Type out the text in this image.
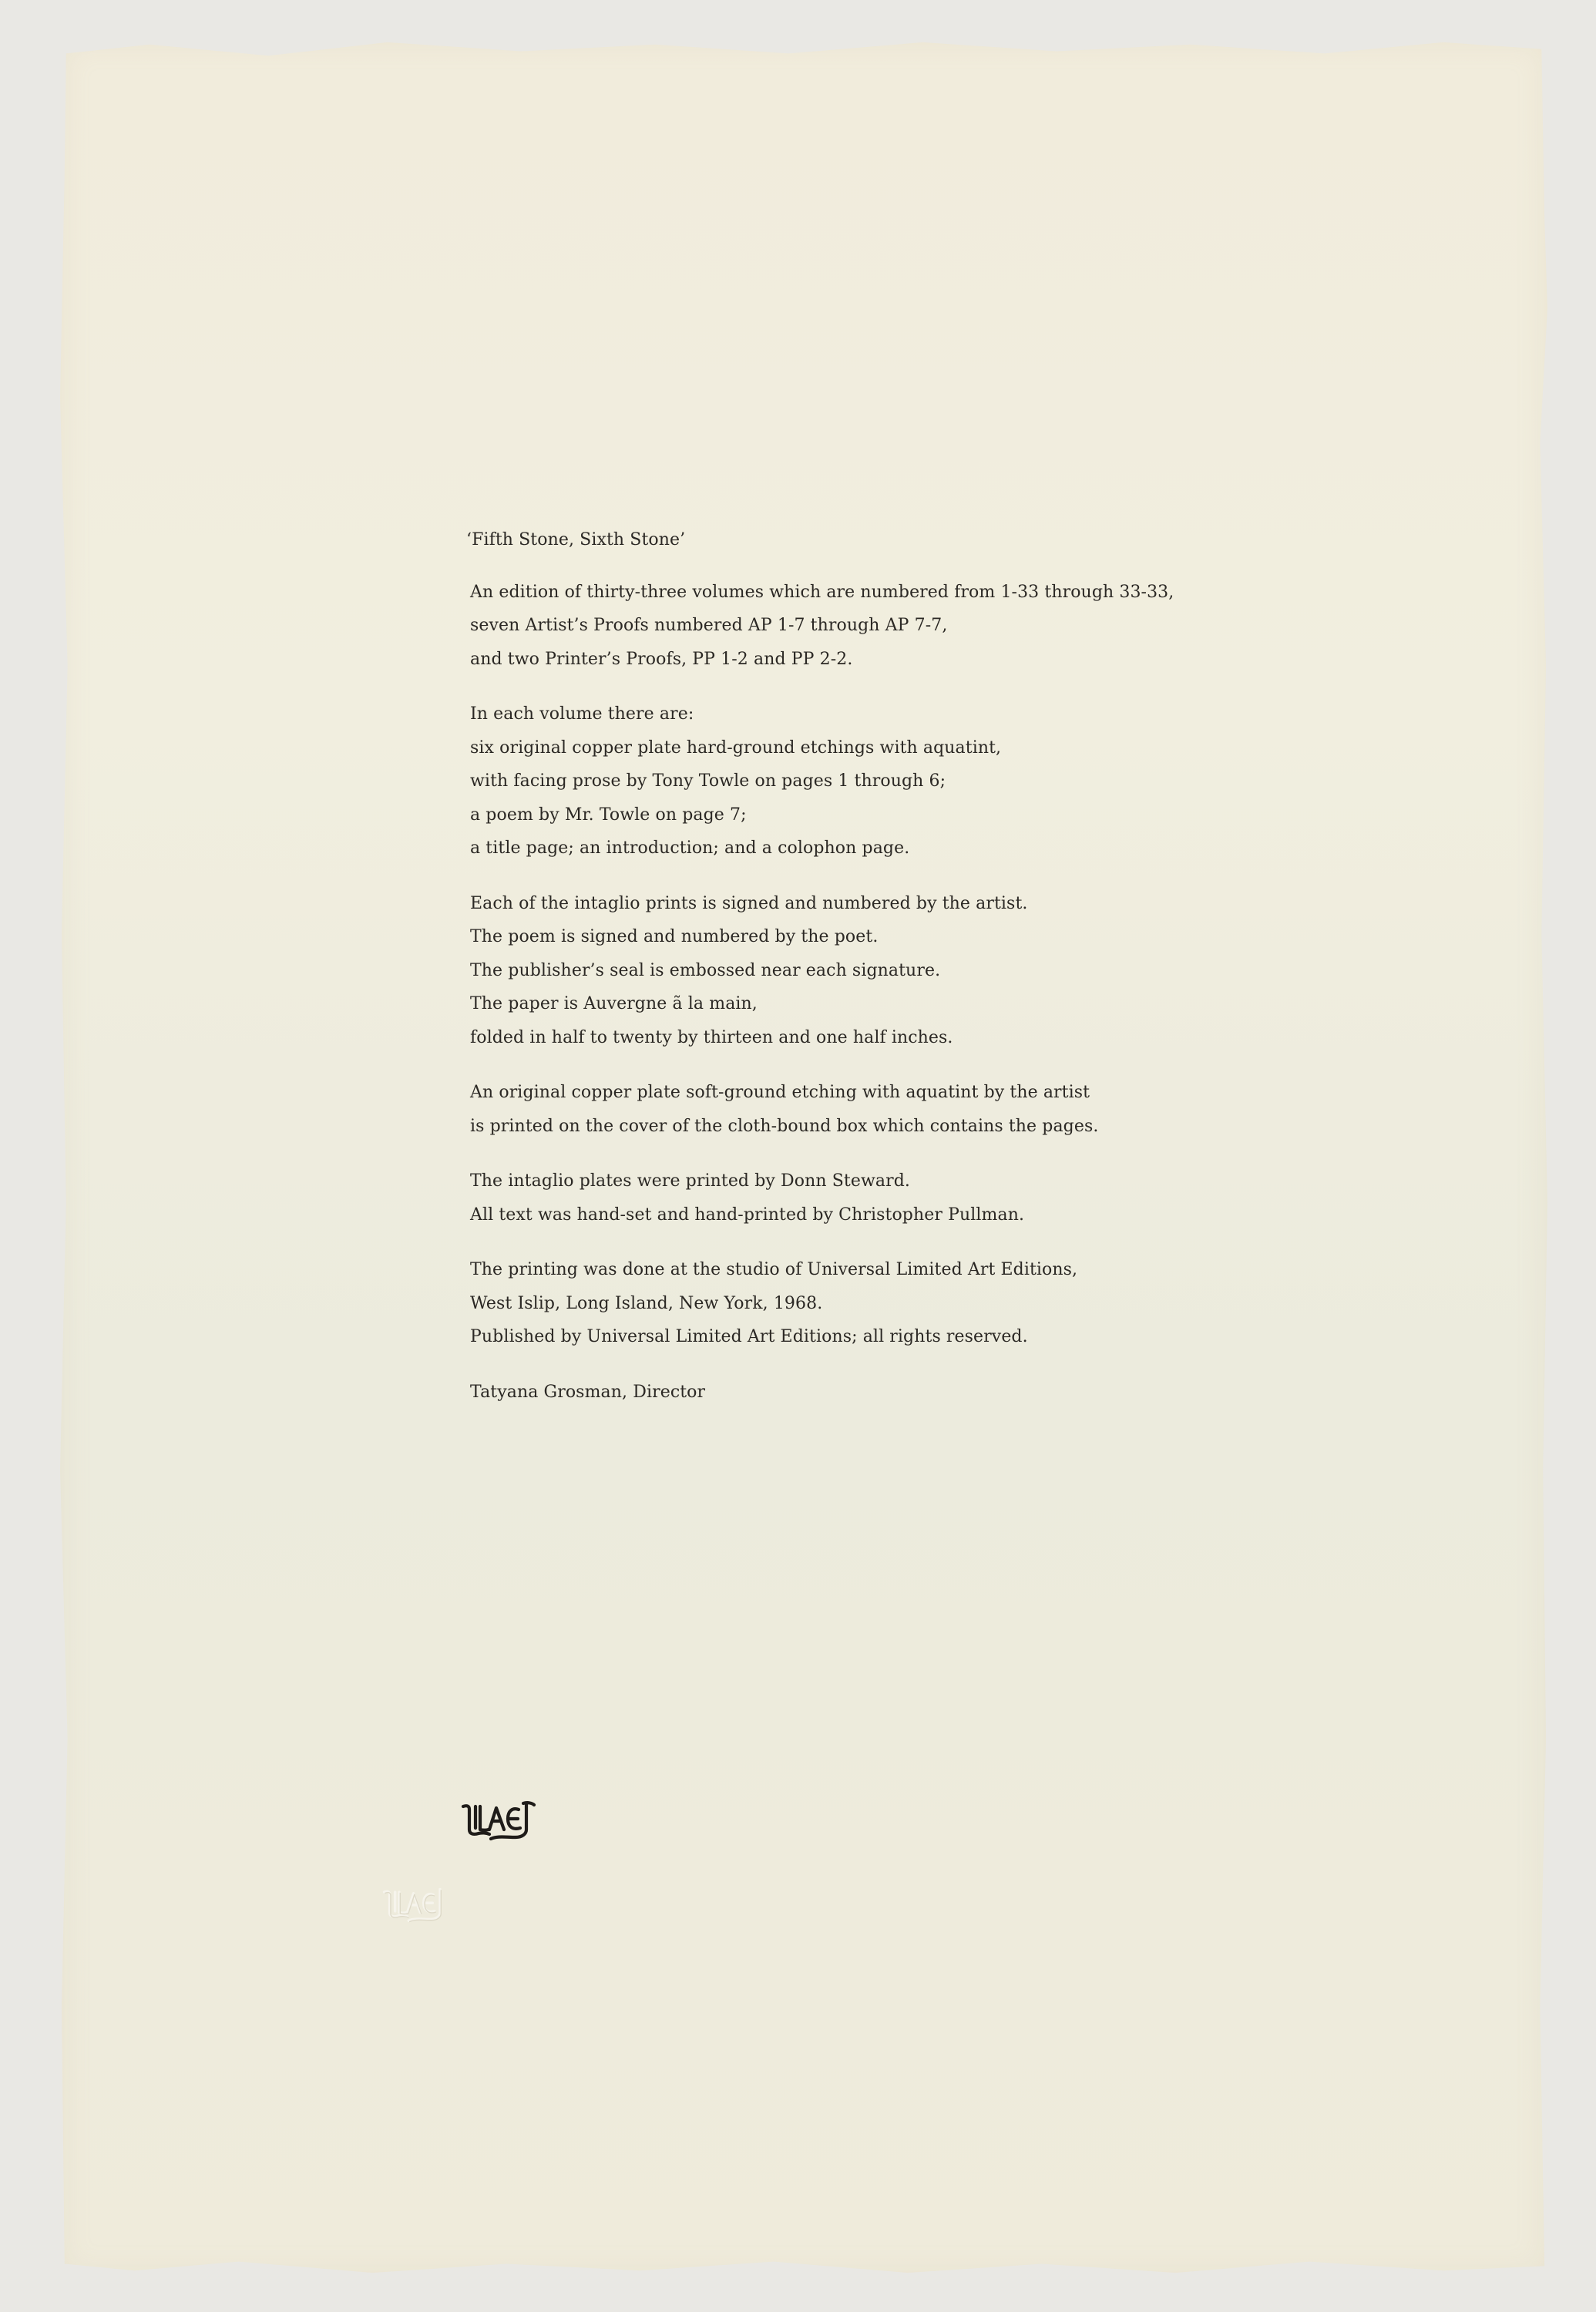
‘Fifth Stone, Sixth Stone’
An edition of thirty-three volumes which are numbered from 1-33 through 33-33,
seven Artist’s Proofs numbered AP 1-7 through AP 7-7,
and two Printer’s Proofs, PP 1-2 and PP 2-2.
In each volume there are:
six original copper plate hard-ground etchings with aquatint,
with facing prose by Tony Towle on pages 1 through 6;
a poem by Mr. Towle on page 7;
a title page; an introduction; and a colophon page.
Each of the intaglio prints is signed and numbered by the artist.
The poem is signed and numbered by the poet.
The publisher’s seal is embossed near each signature.
The paper is Auvergne ã la main,
folded in half to twenty by thirteen and one half inches.
An original copper plate soft-ground etching with aquatint by the artist
is printed on the cover of the cloth-bound box which contains the pages.
The intaglio plates were printed by Donn Steward.
All text was hand-set and hand-printed by Christopher Pullman.
The printing was done at the studio of Universal Limited Art Editions,
West Islip, Long Island, New York, 1968.
Published by Universal Limited Art Editions; all rights reserved.
Tatyana Grosman, Director
